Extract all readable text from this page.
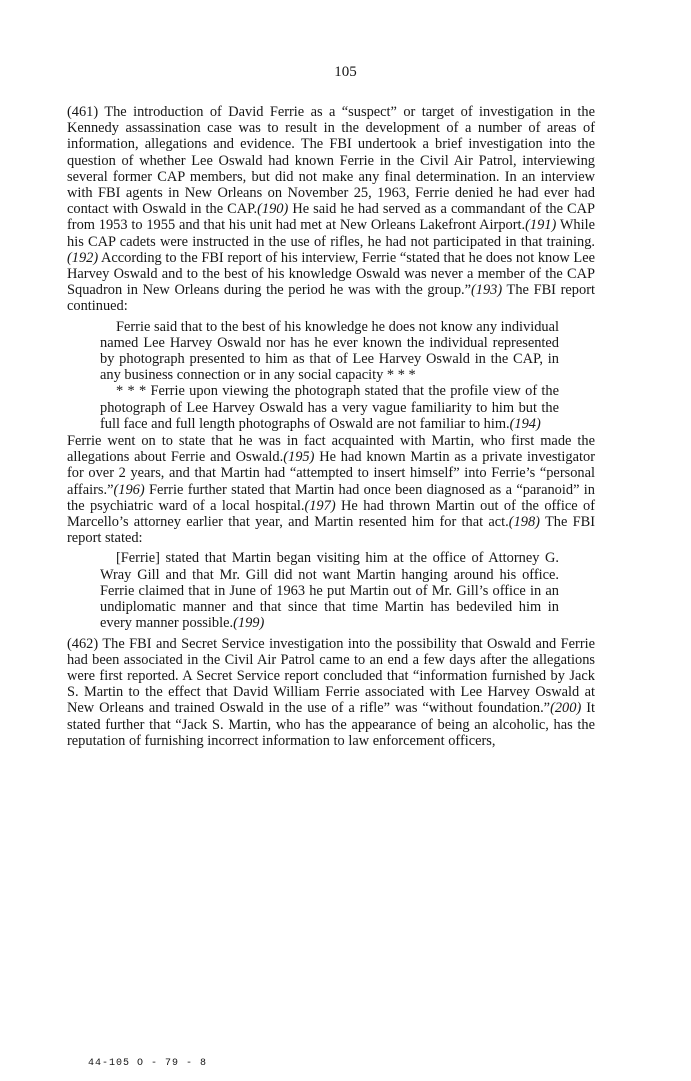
105

(461) The introduction of David Ferrie as a “suspect” or target of investigation in the Kennedy assassination case was to result in the development of a number of areas of information, allegations and evidence. The FBI undertook a brief investigation into the question of whether Lee Oswald had known Ferrie in the Civil Air Patrol, interviewing several former CAP members, but did not make any final determination. In an interview with FBI agents in New Orleans on November 25, 1963, Ferrie denied he had ever had contact with Oswald in the CAP.(190) He said he had served as a commandant of the CAP from 1953 to 1955 and that his unit had met at New Orleans Lakefront Airport.(191) While his CAP cadets were instructed in the use of rifles, he had not participated in that training.(192) According to the FBI report of his interview, Ferrie “stated that he does not know Lee Harvey Oswald and to the best of his knowledge Oswald was never a member of the CAP Squadron in New Orleans during the period he was with the group.”(193) The FBI report continued:

Ferrie said that to the best of his knowledge he does not know any individual named Lee Harvey Oswald nor has he ever known the individual represented by photograph presented to him as that of Lee Harvey Oswald in the CAP, in any business connection or in any social capacity * * *

* * * Ferrie upon viewing the photograph stated that the profile view of the photograph of Lee Harvey Oswald has a very vague familiarity to him but the full face and full length photographs of Oswald are not familiar to him.(194)

Ferrie went on to state that he was in fact acquainted with Martin, who first made the allegations about Ferrie and Oswald.(195) He had known Martin as a private investigator for over 2 years, and that Martin had “attempted to insert himself” into Ferrie’s “personal affairs.”(196) Ferrie further stated that Martin had once been diagnosed as a “paranoid” in the psychiatric ward of a local hospital.(197) He had thrown Martin out of the office of Marcello’s attorney earlier that year, and Martin resented him for that act.(198) The FBI report stated:

[Ferrie] stated that Martin began visiting him at the office of Attorney G. Wray Gill and that Mr. Gill did not want Martin hanging around his office. Ferrie claimed that in June of 1963 he put Martin out of Mr. Gill’s office in an undiplomatic manner and that since that time Martin has bedeviled him in every manner possible.(199)

(462) The FBI and Secret Service investigation into the possibility that Oswald and Ferrie had been associated in the Civil Air Patrol came to an end a few days after the allegations were first reported. A Secret Service report concluded that “information furnished by Jack S. Martin to the effect that David William Ferrie associated with Lee Harvey Oswald at New Orleans and trained Oswald in the use of a rifle” was “without foundation.”(200) It stated further that “Jack S. Martin, who has the appearance of being an alcoholic, has the reputation of furnishing incorrect information to law enforcement officers,

44-105 O - 79 - 8
